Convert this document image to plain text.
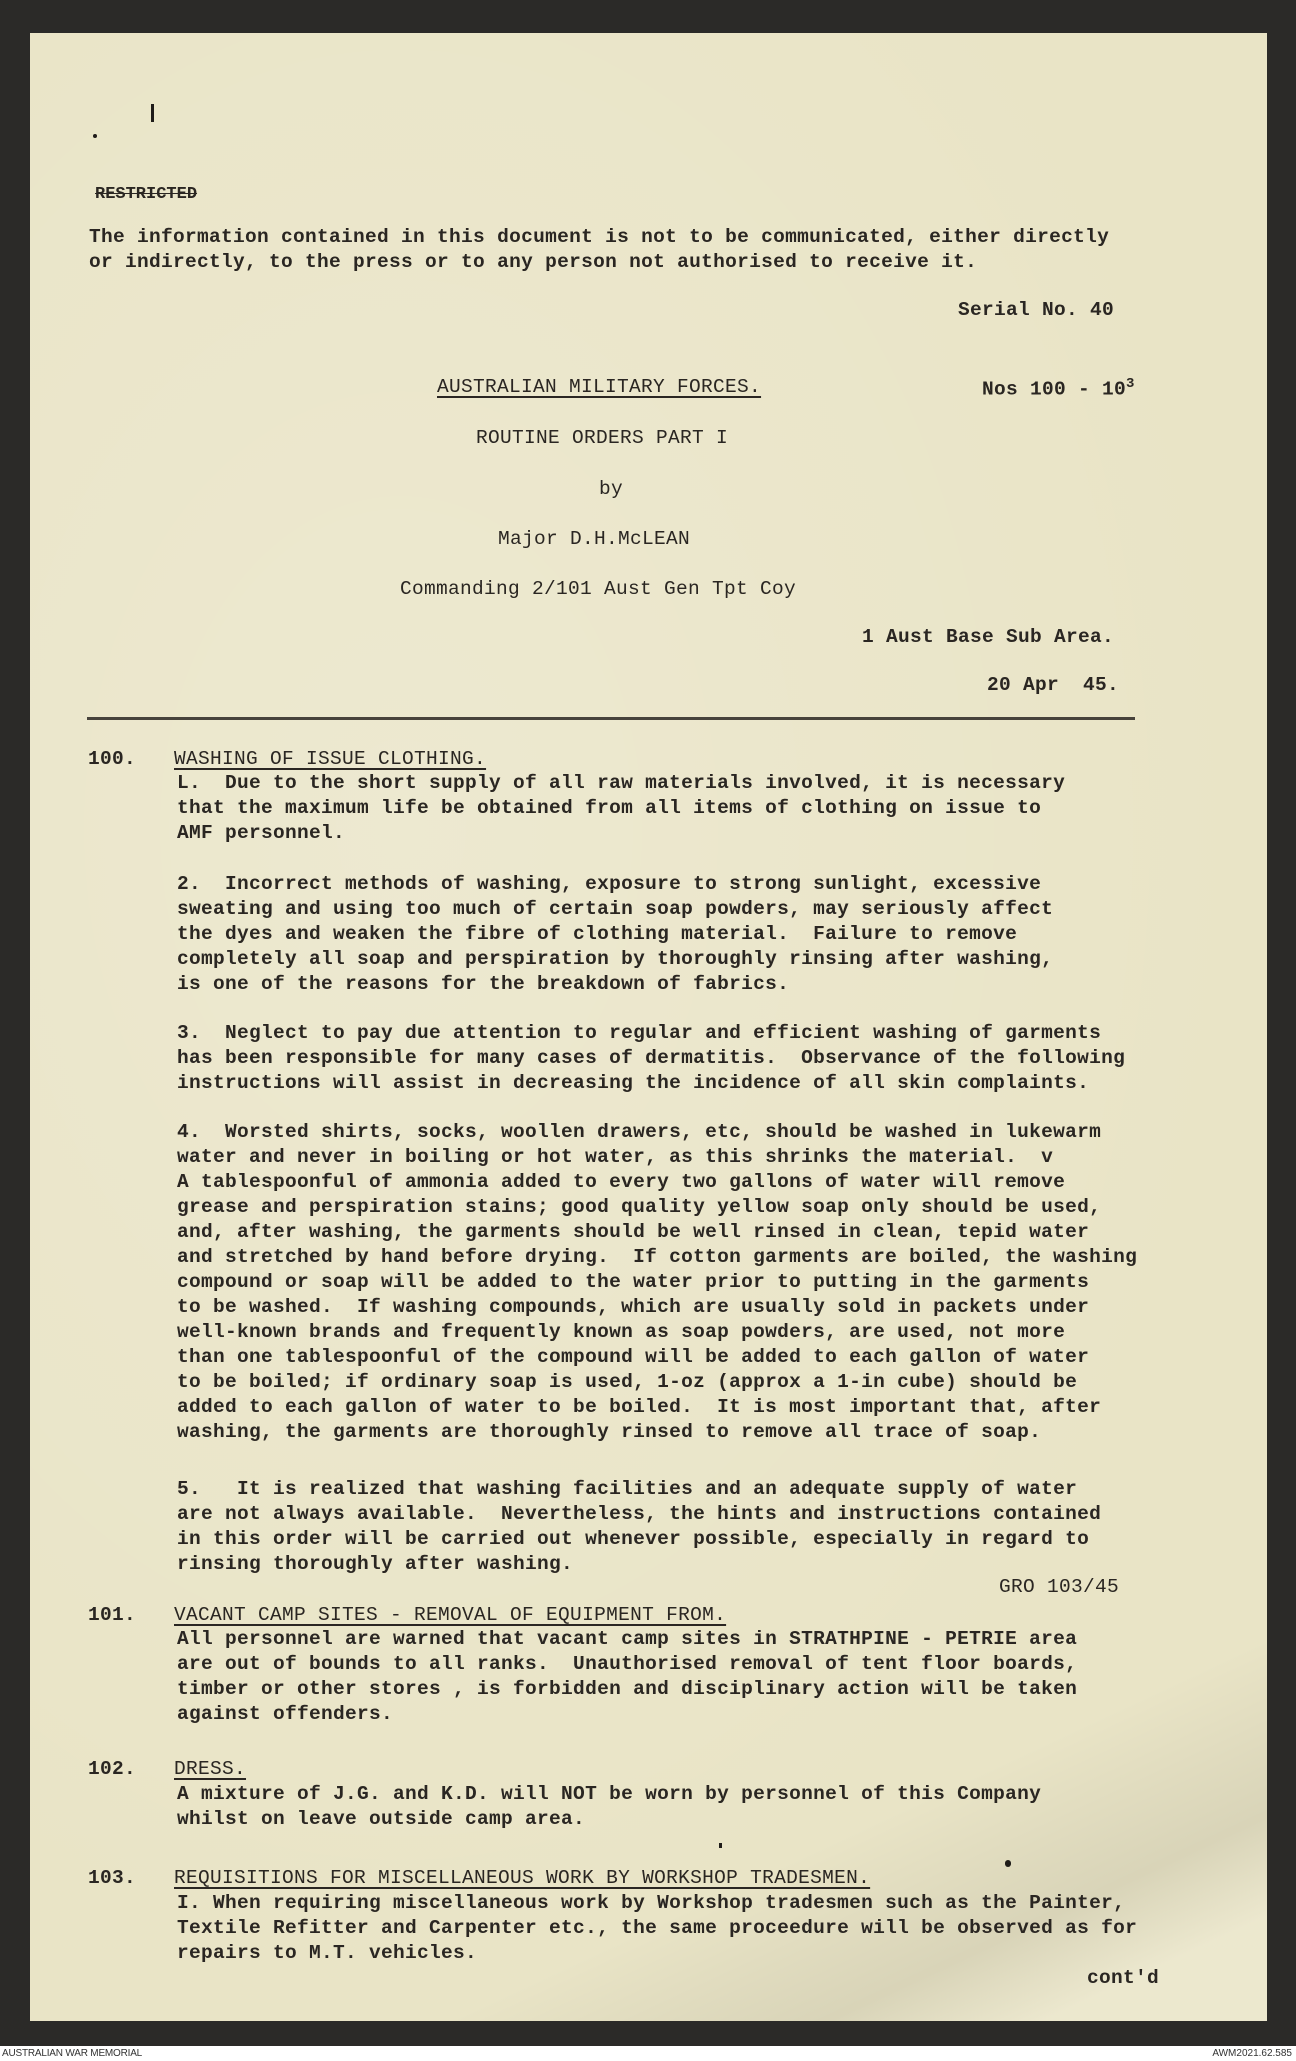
RESTRICTED
The information contained in this document is not to be communicated, either directly
or indirectly, to the press or to any person not authorised to receive it.
Serial No. 40

Nos $100 - 10^3$

AUSTRALIAN MILITARY FORCES.
ROUTINE ORDERS PART I
by
Major D.H.McLEAN
Commanding 2/101 Aust Gen Tpt Coy
1 Aust Base Sub Area.
20 Apr  45.
100. WASHING OF ISSUE CLOTHING.
L.  Due to the short supply of all raw materials involved, it is necessary
that the maximum life be obtained from all items of clothing on issue to
AMF personnel.
2.  Incorrect methods of washing, exposure to strong sunlight, excessive
sweating and using too much of certain soap powders, may seriously affect
the dyes and weaken the fibre of clothing material.  Failure to remove
completely all soap and perspiration by thoroughly rinsing after washing,
is one of the reasons for the breakdown of fabrics.
3.  Neglect to pay due attention to regular and efficient washing of garments
has been responsible for many cases of dermatitis.  Observance of the following
instructions will assist in decreasing the incidence of all skin complaints.
4.  Worsted shirts, socks, woollen drawers, etc, should be washed in lukewarm
water and never in boiling or hot water, as this shrinks the material.  v
A tablespoonful of ammonia added to every two gallons of water will remove
grease and perspiration stains; good quality yellow soap only should be used,
and, after washing, the garments should be well rinsed in clean, tepid water
and stretched by hand before drying.  If cotton garments are boiled, the washing
compound or soap will be added to the water prior to putting in the garments
to be washed.  If washing compounds, which are usually sold in packets under
well-known brands and frequently known as soap powders, are used, not more
than one tablespoonful of the compound will be added to each gallon of water
to be boiled; if ordinary soap is used, 1-oz (approx a 1-in cube) should be
added to each gallon of water to be boiled.  It is most important that, after
washing, the garments are thoroughly rinsed to remove all trace of soap.
5.   It is realized that washing facilities and an adequate supply of water
are not always available.  Nevertheless, the hints and instructions contained
in this order will be carried out whenever possible, especially in regard to
rinsing thoroughly after washing.
GRO 103/45
101. VACANT CAMP SITES - REMOVAL OF EQUIPMENT FROM.
All personnel are warned that vacant camp sites in STRATHPINE - PETRIE area
are out of bounds to all ranks.  Unauthorised removal of tent floor boards,
timber or other stores , is forbidden and disciplinary action will be taken
against offenders.
102. DRESS.
A mixture of J.G. and K.D. will NOT be worn by personnel of this Company
whilst on leave outside camp area.
103. REQUISITIONS FOR MISCELLANEOUS WORK BY WORKSHOP TRADESMEN.
I. When requiring miscellaneous work by Workshop tradesmen such as the Painter,
Textile Refitter and Carpenter etc., the same proceedure will be observed as for
repairs to M.T. vehicles.
cont'd
AUSTRALIAN WAR MEMORIAL	AWM2021.62.585
